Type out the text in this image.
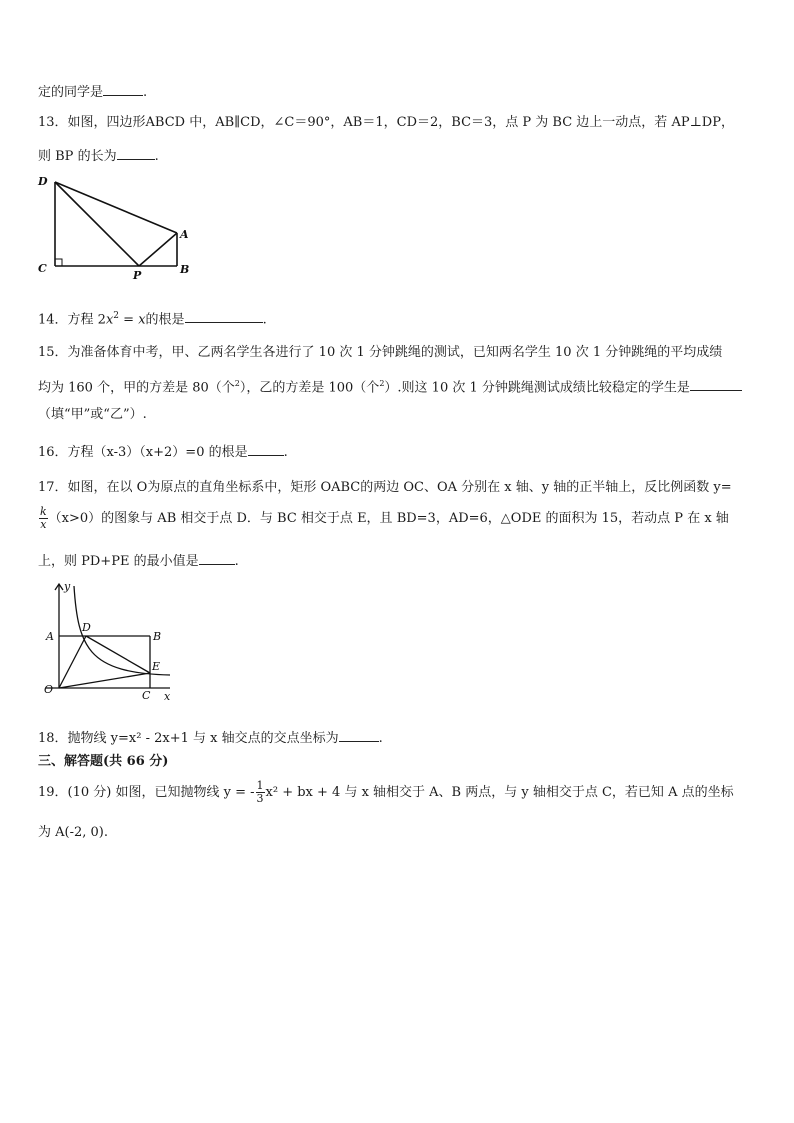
定的同学是	.
13．如图，四边形ABCD 中，AB∥CD，∠C＝90°，AB＝1，CD＝2，BC＝3，点 P 为 BC 边上一动点，若 AP⊥DP，
则 BP 的长为	.
D
A
C
P	B
14．方程 $2x^2 = x$的根是	.
15．为准备体育中考，甲、乙两名学生各进行了 10 次 1 分钟跳绳的测试，已知两名学生 10 次 1 分钟跳绳的平均成绩
均为 160 个，甲的方差是 80（个$^2$），乙的方差是 100（个$^2$）.则这 10 次 1 分钟跳绳测试成绩比较稳定的学生是
（填“甲”或“乙”）.
16．方程（x-3）（x+2）=0 的根是	.
17．如图，在以 O为原点的直角坐标系中，矩形 OABC的两边 OC、OA 分别在 x 轴、y 轴的正半轴上，反比例函数 y=
$\frac{k}{x} (x>0)$的图象与 AB 相交于点 D．与 BC 相交于点 E，且 BD=3，AD=6，△ODE 的面积为 15，若动点 P 在 x 轴
上，则 PD+PE 的最小值是	.
y
x
A
D
B
E
O	C
18．抛物线 y=x² - 2x+1 与 x 轴交点的交点坐标为	.
三、解答题(共 66 分)
19．(10 分) 如图，已知抛物线 y = - $\frac{1}{3} x^2$ + bx + 4 与 x 轴相交于 A、B 两点，与 y 轴相交于点 C，若已知 A 点的坐标
为 A(-2, 0).
